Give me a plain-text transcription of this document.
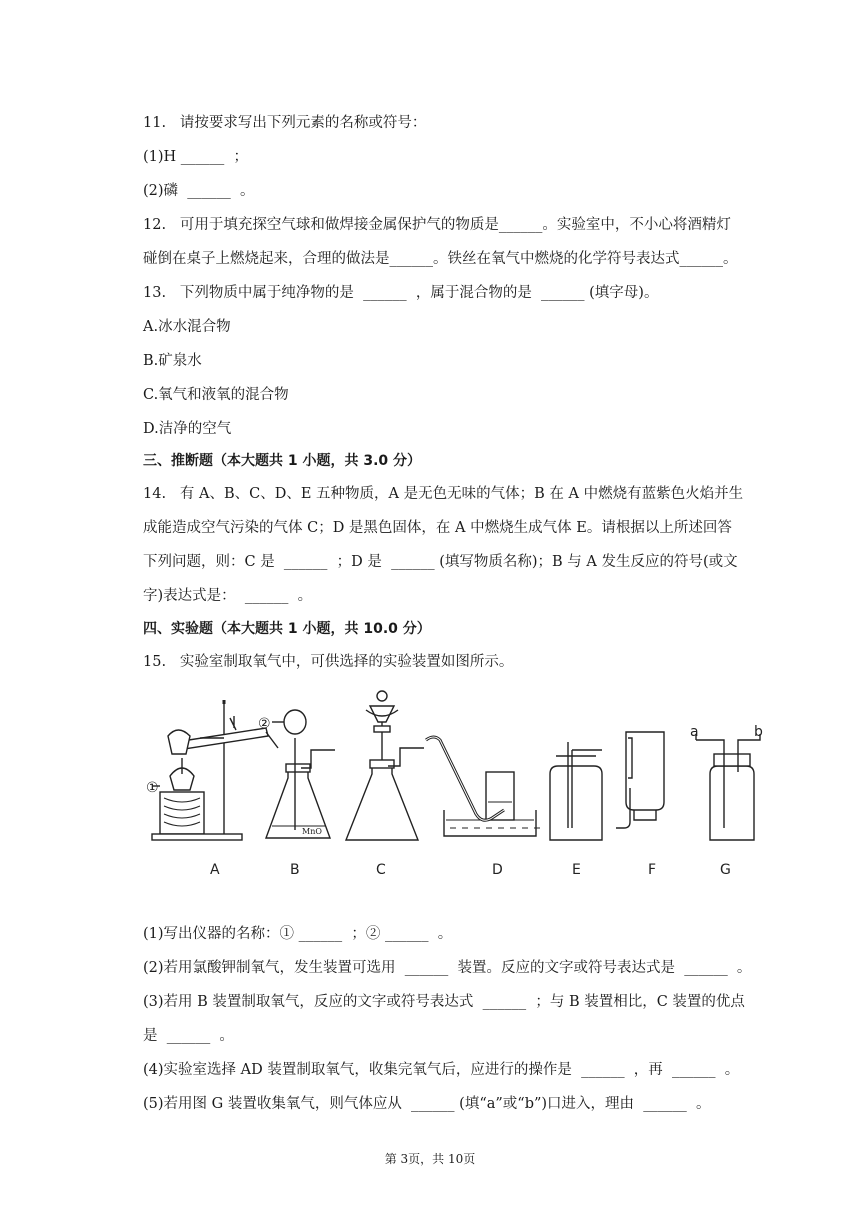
11.   请按要求写出下列元素的名称或符号：
(1)H ______  ；
(2)磷  ______  。
12.   可用于填充探空气球和做焊接金属保护气的物质是______。实验室中，不小心将酒精灯
碰倒在桌子上燃烧起来，合理的做法是______。铁丝在氧气中燃烧的化学符号表达式______。
13.   下列物质中属于纯净物的是  ______  ，属于混合物的是  ______ (填字母)。
A.冰水混合物
B.矿泉水
C.氧气和液氧的混合物
D.洁净的空气
三、推断题（本大题共 1 小题，共 3.0 分）
14.   有 A、B、C、D、E 五种物质，A 是无色无味的气体；B 在 A 中燃烧有蓝紫色火焰并生
成能造成空气污染的气体 C；D 是黑色固体，在 A 中燃烧生成气体 E。请根据以上所述回答
下列问题，则：C 是  ______  ；D 是  ______ (填写物质名称)；B 与 A 发生反应的符号(或文
字)表达式是：  ______  。
四、实验题（本大题共 1 小题，共 10.0 分）
15.   实验室制取氧气中，可供选择的实验装置如图所示。
MnO
①
②	a	b
A	B	C	D	E	F	G
(1)写出仪器的名称：① ______  ；② ______  。
(2)若用氯酸钾制氧气，发生装置可选用  ______  装置。反应的文字或符号表达式是  ______  。
(3)若用 B 装置制取氧气，反应的文字或符号表达式  ______  ；与 B 装置相比，C 装置的优点
是  ______  。
(4)实验室选择 AD 装置制取氧气，收集完氧气后，应进行的操作是  ______  ，再  ______  。
(5)若用图 G 装置收集氧气，则气体应从  ______ (填“a”或“b”)口进入，理由  ______  。
第 3页，共 10页
